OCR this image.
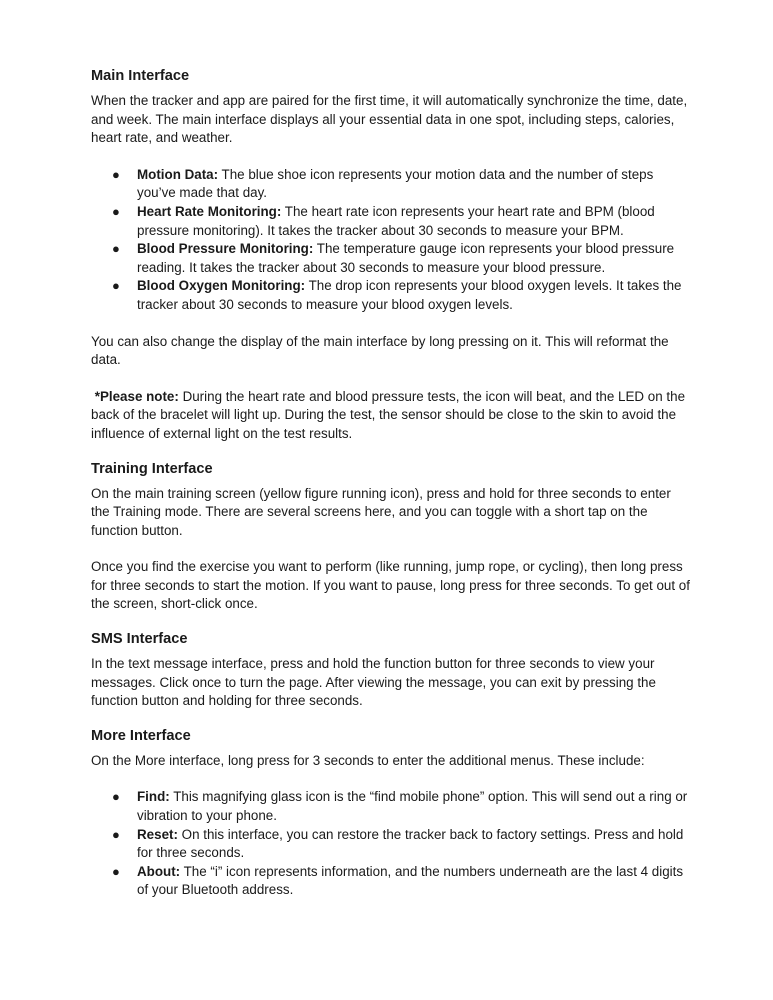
Main Interface

When the tracker and app are paired for the first time, it will automatically synchronize the time, date, and week. The main interface displays all your essential data in one spot, including steps, calories, heart rate, and weather.

● Motion Data: The blue shoe icon represents your motion data and the number of steps you’ve made that day.
● Heart Rate Monitoring: The heart rate icon represents your heart rate and BPM (blood pressure monitoring). It takes the tracker about 30 seconds to measure your BPM.
● Blood Pressure Monitoring: The temperature gauge icon represents your blood pressure reading. It takes the tracker about 30 seconds to measure your blood pressure.
● Blood Oxygen Monitoring: The drop icon represents your blood oxygen levels. It takes the tracker about 30 seconds to measure your blood oxygen levels.

You can also change the display of the main interface by long pressing on it. This will reformat the data.

*Please note: During the heart rate and blood pressure tests, the icon will beat, and the LED on the back of the bracelet will light up. During the test, the sensor should be close to the skin to avoid the influence of external light on the test results.

Training Interface

On the main training screen (yellow figure running icon), press and hold for three seconds to enter the Training mode. There are several screens here, and you can toggle with a short tap on the function button.

Once you find the exercise you want to perform (like running, jump rope, or cycling), then long press for three seconds to start the motion. If you want to pause, long press for three seconds. To get out of the screen, short-click once.

SMS Interface

In the text message interface, press and hold the function button for three seconds to view your messages. Click once to turn the page. After viewing the message, you can exit by pressing the function button and holding for three seconds.

More Interface

On the More interface, long press for 3 seconds to enter the additional menus. These include:

● Find: This magnifying glass icon is the “find mobile phone” option. This will send out a ring or vibration to your phone.
● Reset: On this interface, you can restore the tracker back to factory settings. Press and hold for three seconds.
● About: The “i” icon represents information, and the numbers underneath are the last 4 digits of your Bluetooth address.
